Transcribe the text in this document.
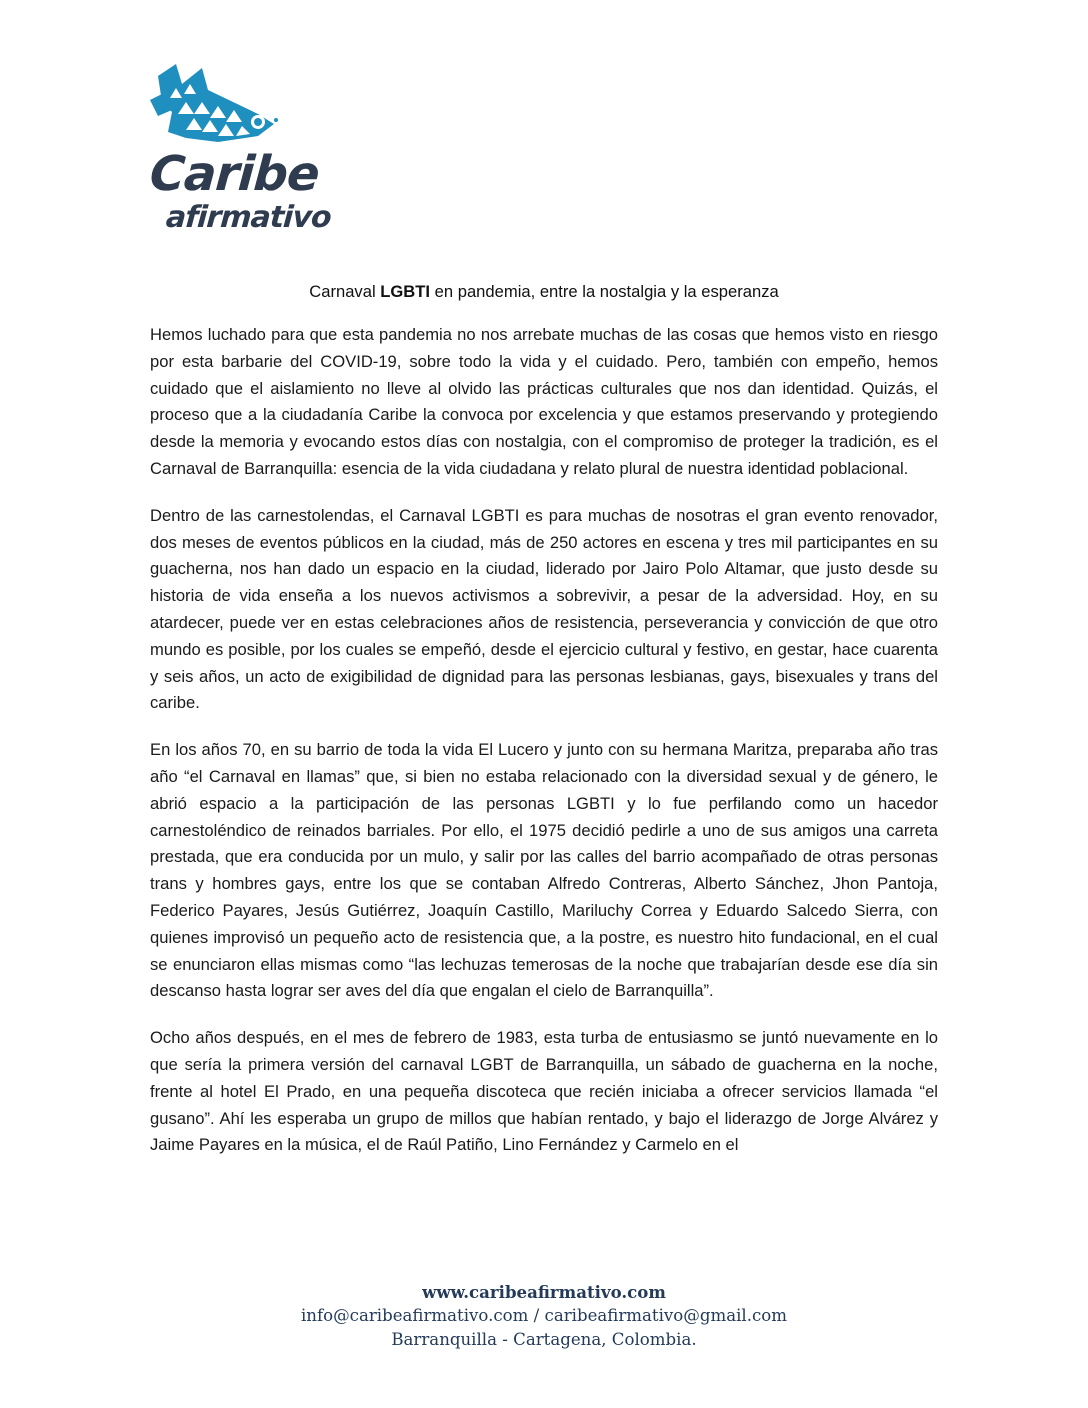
Caribe
afirmativo
Carnaval LGBTI en pandemia, entre la nostalgia y la esperanza

Hemos luchado para que esta pandemia no nos arrebate muchas de las cosas que hemos visto en riesgo por esta barbarie del COVID-19, sobre todo la vida y el cuidado. Pero, también con empeño, hemos cuidado que el aislamiento no lleve al olvido las prácticas culturales que nos dan identidad. Quizás, el proceso que a la ciudadanía Caribe la convoca por excelencia y que estamos preservando y protegiendo desde la memoria y evocando estos días con nostalgia, con el compromiso de proteger la tradición, es el Carnaval de Barranquilla: esencia de la vida ciudadana y relato plural de nuestra identidad poblacional.

Dentro de las carnestolendas, el Carnaval LGBTI es para muchas de nosotras el gran evento renovador, dos meses de eventos públicos en la ciudad, más de 250 actores en escena y tres mil participantes en su guacherna, nos han dado un espacio en la ciudad, liderado por Jairo Polo Altamar, que justo desde su historia de vida enseña a los nuevos activismos a sobrevivir, a pesar de la adversidad. Hoy, en su atardecer, puede ver en estas celebraciones años de resistencia, perseverancia y convicción de que otro mundo es posible, por los cuales se empeñó, desde el ejercicio cultural y festivo, en gestar, hace cuarenta y seis años, un acto de exigibilidad de dignidad para las personas lesbianas, gays, bisexuales y trans del caribe.

En los años 70, en su barrio de toda la vida El Lucero y junto con su hermana Maritza, preparaba año tras año “el Carnaval en llamas” que, si bien no estaba relacionado con la diversidad sexual y de género, le abrió espacio a la participación de las personas LGBTI y lo fue perfilando como un hacedor carnestoléndico de reinados barriales. Por ello, el 1975 decidió pedirle a uno de sus amigos una carreta prestada, que era conducida por un mulo, y salir por las calles del barrio acompañado de otras personas trans y hombres gays, entre los que se contaban Alfredo Contreras, Alberto Sánchez, Jhon Pantoja, Federico Payares, Jesús Gutiérrez, Joaquín Castillo, Mariluchy Correa y Eduardo Salcedo Sierra, con quienes improvisó un pequeño acto de resistencia que, a la postre, es nuestro hito fundacional, en el cual se enunciaron ellas mismas como “las lechuzas temerosas de la noche que trabajarían desde ese día sin descanso hasta lograr ser aves del día que engalan el cielo de Barranquilla”.

Ocho años después, en el mes de febrero de 1983, esta turba de entusiasmo se juntó nuevamente en lo que sería la primera versión del carnaval LGBT de Barranquilla, un sábado de guacherna en la noche, frente al hotel El Prado, en una pequeña discoteca que recién iniciaba a ofrecer servicios llamada “el gusano”. Ahí les esperaba un grupo de millos que habían rentado, y bajo el liderazgo de Jorge Alvárez y Jaime Payares en la música, el de Raúl Patiño, Lino Fernández y Carmelo en el

www.caribeafirmativo.com
info@caribeafirmativo.com / caribeafirmativo@gmail.com
Barranquilla - Cartagena, Colombia.
